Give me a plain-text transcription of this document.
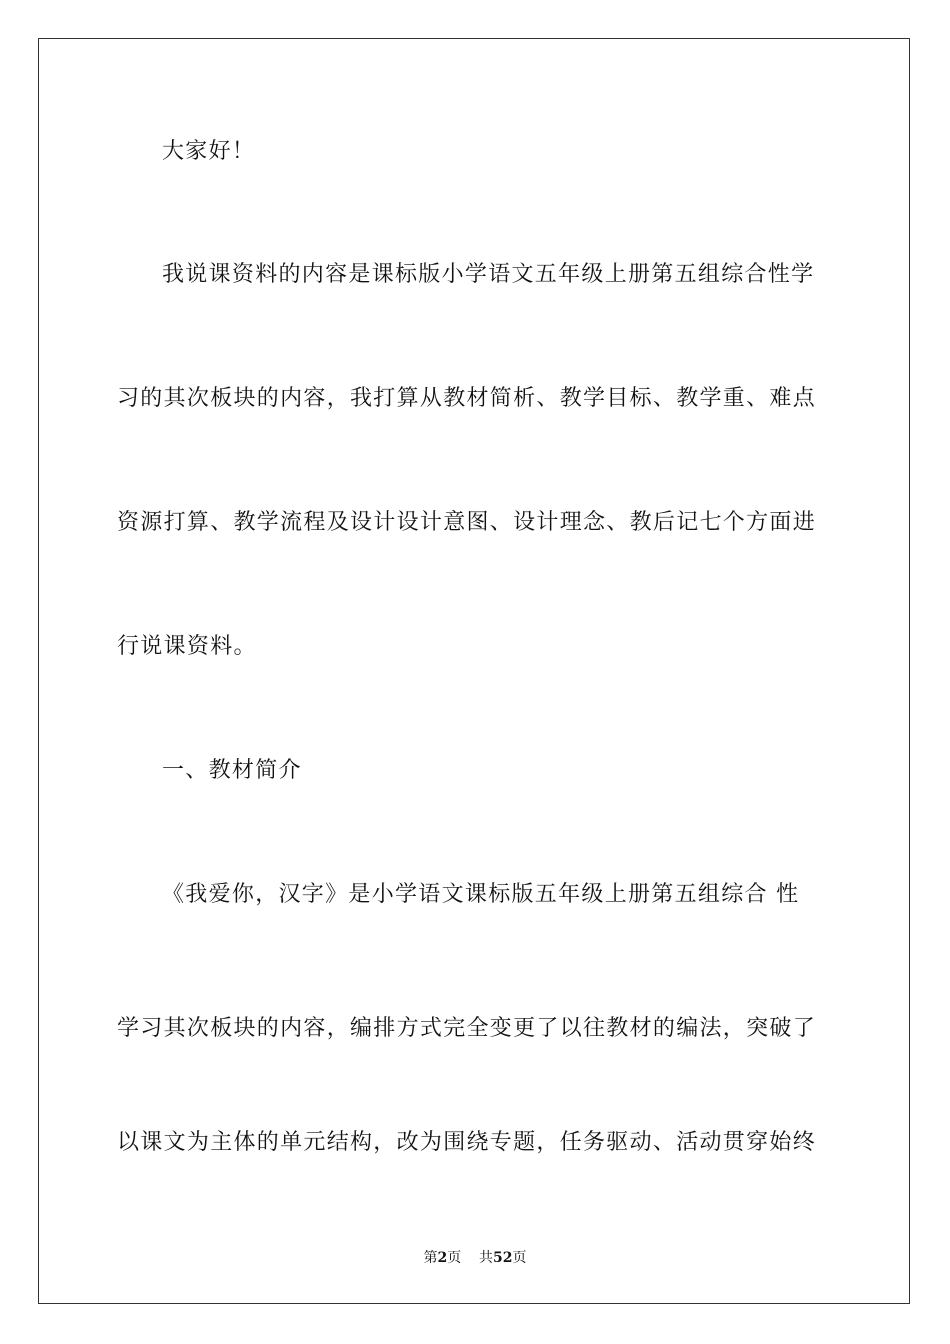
大家好！
我说课资料的内容是课标版小学语文五年级上册第五组综合性学
习的其次板块的内容，我打算从教材简析、教学目标、教学重、难点
资源打算、教学流程及设计设计意图、设计理念、教后记七个方面进
行说课资料。
一、教材简介
《我爱你，汉字》是小学语文课标版五年级上册第五组综合 性
学习其次板块的内容，编排方式完全变更了以往教材的编法，突破了
以课文为主体的单元结构，改为围绕专题，任务驱动、活动贯穿始终
第2页 共52页
